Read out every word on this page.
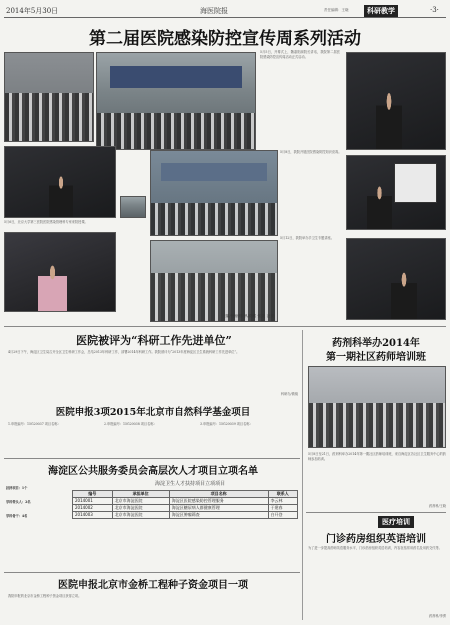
2014年5月30日	海医院报	责任编辑：王晓	科研教学	·3·
第二届医院感染防控宣传周系列活动
5月5日，开幕式上，魏嘉阳副院长讲话，我院第二届医院感染防控宣传周活动正式启动。
5月6日，北京大学第三医院医院感染管理科专家来院授课。
5月8日，我院开展医院感染防控知识竞赛。
5月12日，我院举办手卫生专题讲座。
编/杨丽娜 从晓曦 张炎 汪涓
医院被评为“科研工作先进单位”
4月29日下午，海淀区卫生局召开全区卫生科研工作会，总结2013年科研工作，部署2014年科研工作。我院被评为“2013年度海淀区卫生系统科研工作先进单位”。
科研办/微镜
药剂科举办2014年
第一期社区药师培训班
5月8日至21日，药剂科举办2014年第一期社区药师培训班，来自海淀区各社区卫生服务中心的药师参加培训。
药剂科/王晓
医院申报3项2015年北京市自然科学基金项目
1.申报编号：15G20037 项目名称：	2.申报编号：15G20038 项目名称：	3.申报编号：15G20039 项目名称：
海淀区公共服务委员会高层次人才项目立项名单
海淀卫生人才扶持项目立项项目
扶持项目：1个
学科带头人：2名
学科骨干：4名
编号	承担单位	项目名称	联系人
2014001	北京市海淀医院	海淀区医院感染防控管理服务	李云林
2014002	北京市海淀医院	海淀区糖尿病人群健康管理	于建春
2014003	北京市海淀医院	海淀区肿瘤筛查	白开登
医疗培训
门诊药房组织英语培训
为了进一步提高药师英语服务水平，门诊药房组织英语培训，内容包括常用药名及用药交代等。
药剂科/李勇
医院申报北京市金桥工程种子资金项目一项
我院申报的北京市金桥工程种子资金项目获得立项。
